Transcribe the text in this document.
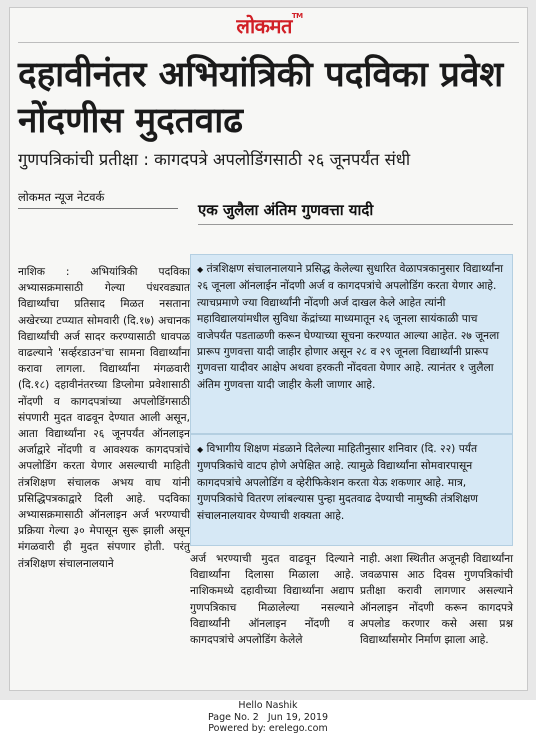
लोकमत™
दहावीनंतर अभियांत्रिकी पदविका प्रवेश नोंदणीस मुदतवाढ
गुणपत्रिकांची प्रतीक्षा : कागदपत्रे अपलोडिंगसाठी २६ जूनपर्यंत संधी
लोकमत न्यूज नेटवर्क
एक जुलैला अंतिम गुणवत्ता यादी
नाशिक : अभियांत्रिकी पदविका अभ्यासक्रमासाठी गेल्या पंधरवड्यात विद्यार्थ्यांचा प्रतिसाद मिळत नसताना अखेरच्या टप्प्यात सोमवारी (दि.१७) अचानक विद्यार्थ्यांची अर्ज सादर करण्यासाठी धावपळ वाढल्याने 'सर्व्हरडाउन'चा सामना विद्यार्थ्यांना करावा लागला. विद्यार्थ्यांना मंगळवारी (दि.१८) दहावीनंतरच्या डिप्लोमा प्रवेशासाठी नोंदणी व कागदपत्रांच्या अपलोडिंगसाठी संपणारी मुदत वाढवून देण्यात आली असून, आता विद्यार्थ्यांना २६ जूनपर्यंत ऑनलाइन अर्जाद्वारे नोंदणी व आवश्यक कागदपत्रांचे अपलोडिंग करता येणार असल्याची माहिती तंत्रशिक्षण संचालक अभय वाघ यांनी प्रसिद्धिपत्रकाद्वारे दिली आहे. पदविका अभ्यासक्रमासाठी ऑनलाइन अर्ज भरण्याची प्रक्रिया गेल्या ३० मेपासून सुरू झाली असून मंगळवारी ही मुदत संपणार होती. परंतु तंत्रशिक्षण संचालनालयाने
◆ तंत्रशिक्षण संचालनालयाने प्रसिद्ध केलेल्या सुधारित वेळापत्रकानुसार विद्यार्थ्यांना २६ जूनला ऑनलाईन नोंदणी अर्ज व कागदपत्रांचे अपलोडिंग करता येणार आहे. त्याचप्रमाणे ज्या विद्यार्थ्यांनी नोंदणी अर्ज दाखल केले आहेत त्यांनी महाविद्यालयांमधील सुविधा केंद्रांच्या माध्यमातून २६ जूनला सायंकाळी पाच वाजेपर्यंत पडताळणी करून घेण्याच्या सूचना करण्यात आल्या आहेत. २७ जूनला प्रारूप गुणवत्ता यादी जाहीर होणार असून २८ व २९ जूनला विद्यार्थ्यांनी प्रारूप गुणवत्ता यादीवर आक्षेप अथवा हरकती नोंदवता येणार आहे. त्यानंतर १ जुलैला अंतिम गुणवत्ता यादी जाहीर केली जाणार आहे.
◆ विभागीय शिक्षण मंडळाने दिलेल्या माहितीनुसार शनिवार (दि. २२) पर्यंत गुणपत्रिकांचे वाटप होणे अपेक्षित आहे. त्यामुळे विद्यार्थ्यांना सोमवारपासून कागदपत्रांचे अपलोडिंग व व्हेरीफिकेशन करता येऊ शकणार आहे. मात्र, गुणपत्रिकांचे वितरण लांबल्यास पुन्हा मुदतवाढ देण्याची नामुष्की तंत्रशिक्षण संचालनालयावर येण्याची शक्यता आहे.
अर्ज भरण्याची मुदत वाढवून दिल्याने विद्यार्थ्यांना दिलासा मिळाला आहे. नाशिकमध्ये दहावीच्या विद्यार्थ्यांना अद्याप गुणपत्रिकाच मिळालेल्या नसल्याने विद्यार्थ्यांनी ऑनलाइन नोंदणी व कागदपत्रांचे अपलोडिंग केलेले
नाही. अशा स्थितीत अजूनही विद्यार्थ्यांना जवळपास आठ दिवस गुणपत्रिकांची प्रतीक्षा करावी लागणार असल्याने ऑनलाइन नोंदणी करून कागदपत्रे अपलोड करणार कसे असा प्रश्न विद्यार्थ्यांसमोर निर्माण झाला आहे.
Hello Nashik
Page No. 2 Jun 19, 2019
Powered by: erelego.com
